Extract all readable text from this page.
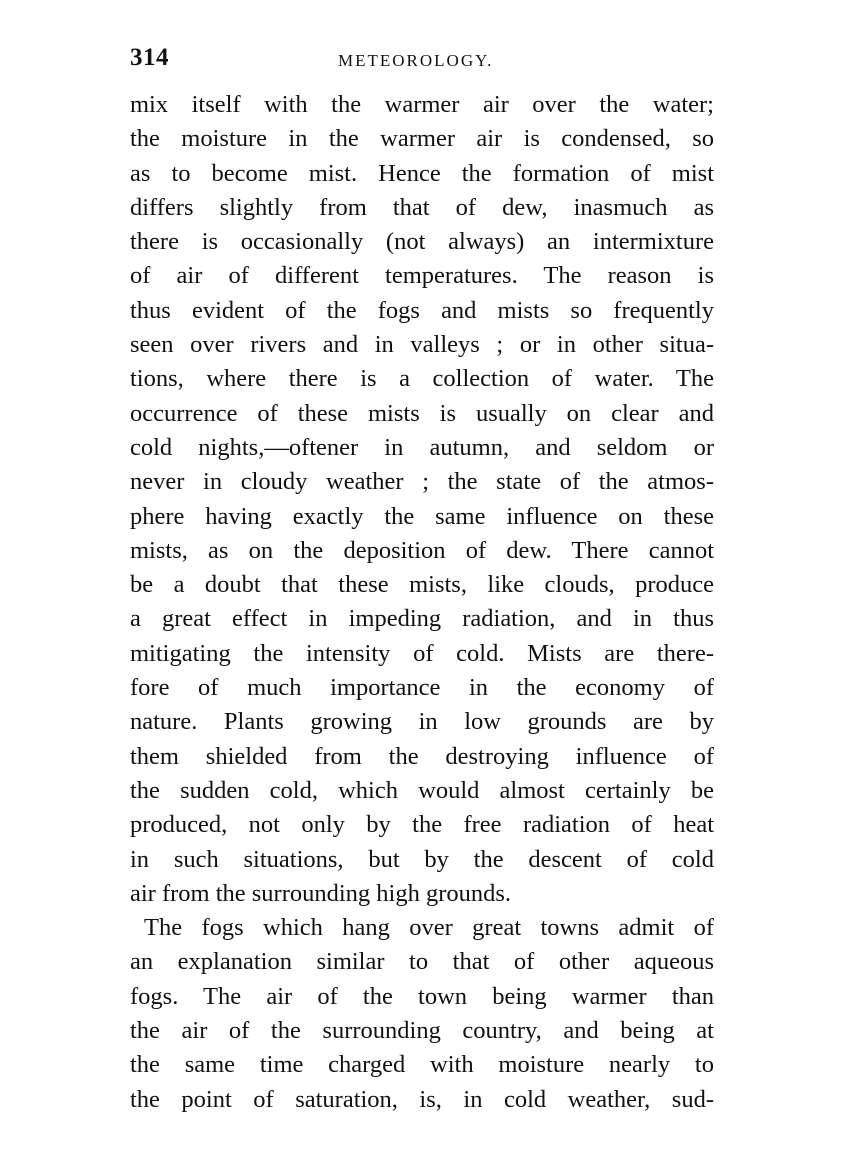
314	METEOROLOGY.
mix itself with the warmer air over the water;
the moisture in the warmer air is condensed, so
as to become mist. Hence the formation of mist
differs slightly from that of dew, inasmuch as
there is occasionally (not always) an intermixture
of air of different temperatures. The reason is
thus evident of the fogs and mists so frequently
seen over rivers and in valleys ; or in other situa-
tions, where there is a collection of water. The
occurrence of these mists is usually on clear and
cold nights,—oftener in autumn, and seldom or
never in cloudy weather ; the state of the atmos-
phere having exactly the same influence on these
mists, as on the deposition of dew. There cannot
be a doubt that these mists, like clouds, produce
a great effect in impeding radiation, and in thus
mitigating the intensity of cold. Mists are there-
fore of much importance in the economy of
nature. Plants growing in low grounds are by
them shielded from the destroying influence of
the sudden cold, which would almost certainly be
produced, not only by the free radiation of heat
in such situations, but by the descent of cold
air from the surrounding high grounds.
The fogs which hang over great towns admit of
an explanation similar to that of other aqueous
fogs. The air of the town being warmer than
the air of the surrounding country, and being at
the same time charged with moisture nearly to
the point of saturation, is, in cold weather, sud-
